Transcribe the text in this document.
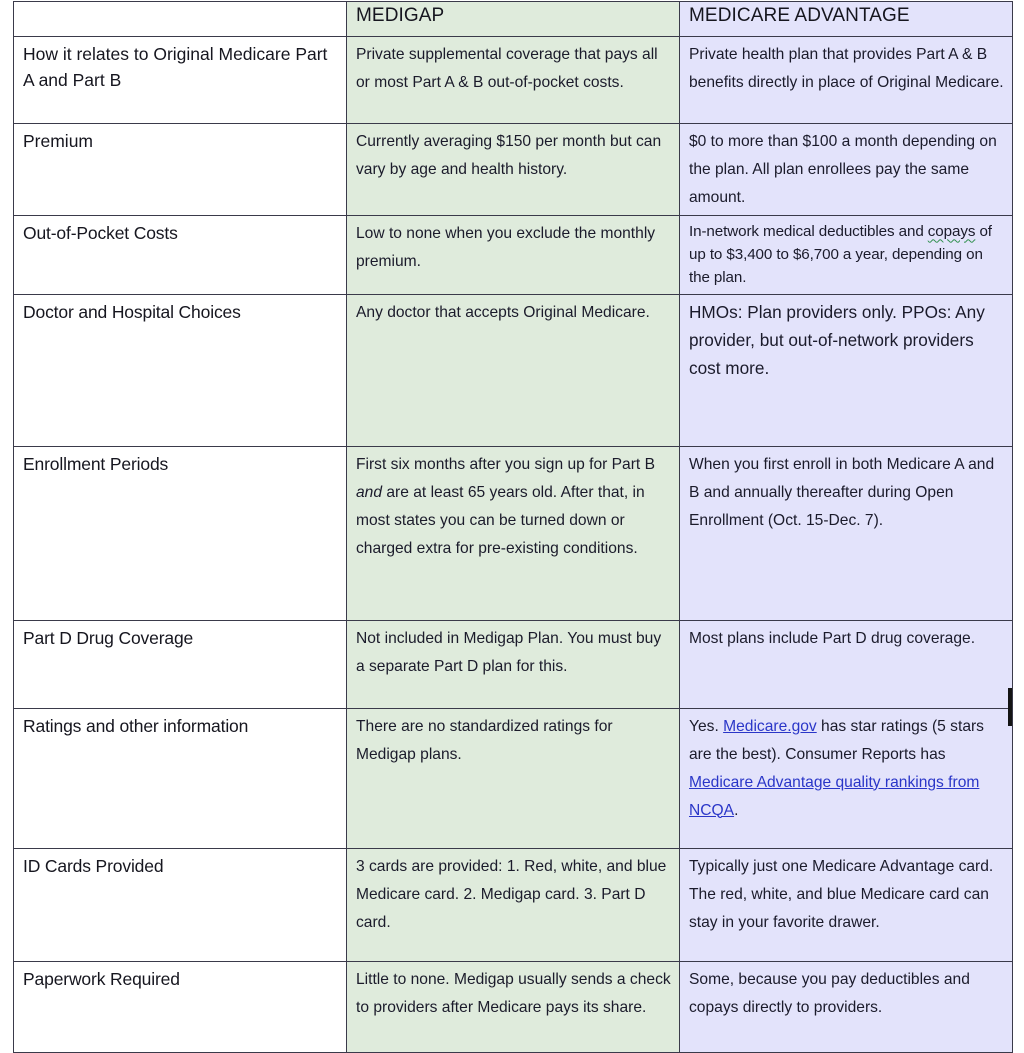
	MEDIGAP	MEDICARE ADVANTAGE

How it relates to Original Medicare Part A and Part B	Private supplemental coverage that pays all or most Part A & B out-of-pocket costs.	Private health plan that provides Part A & B benefits directly in place of Original Medicare.

Premium	Currently averaging $150 per month but can vary by age and health history.	$0 to more than $100 a month depending on the plan. All plan enrollees pay the same amount.

Out-of-Pocket Costs	Low to none when you exclude the monthly premium.	In-network medical deductibles and copays of up to $3,400 to $6,700 a year, depending on the plan.

Doctor and Hospital Choices	Any doctor that accepts Original Medicare.	HMOs: Plan providers only. PPOs: Any provider, but out-of-network providers cost more.

Enrollment Periods	First six months after you sign up for Part B and are at least 65 years old. After that, in most states you can be turned down or charged extra for pre-existing conditions.	When you first enroll in both Medicare A and B and annually thereafter during Open Enrollment (Oct. 15-Dec. 7).

Part D Drug Coverage	Not included in Medigap Plan. You must buy a separate Part D plan for this.	Most plans include Part D drug coverage.

Ratings and other information	There are no standardized ratings for Medigap plans.	Yes. Medicare.gov has star ratings (5 stars are the best). Consumer Reports has Medicare Advantage quality rankings from NCQA.

ID Cards Provided	3 cards are provided: 1. Red, white, and blue Medicare card. 2. Medigap card. 3. Part D card.	Typically just one Medicare Advantage card. The red, white, and blue Medicare card can stay in your favorite drawer.

Paperwork Required	Little to none. Medigap usually sends a check to providers after Medicare pays its share.	Some, because you pay deductibles and copays directly to providers.
